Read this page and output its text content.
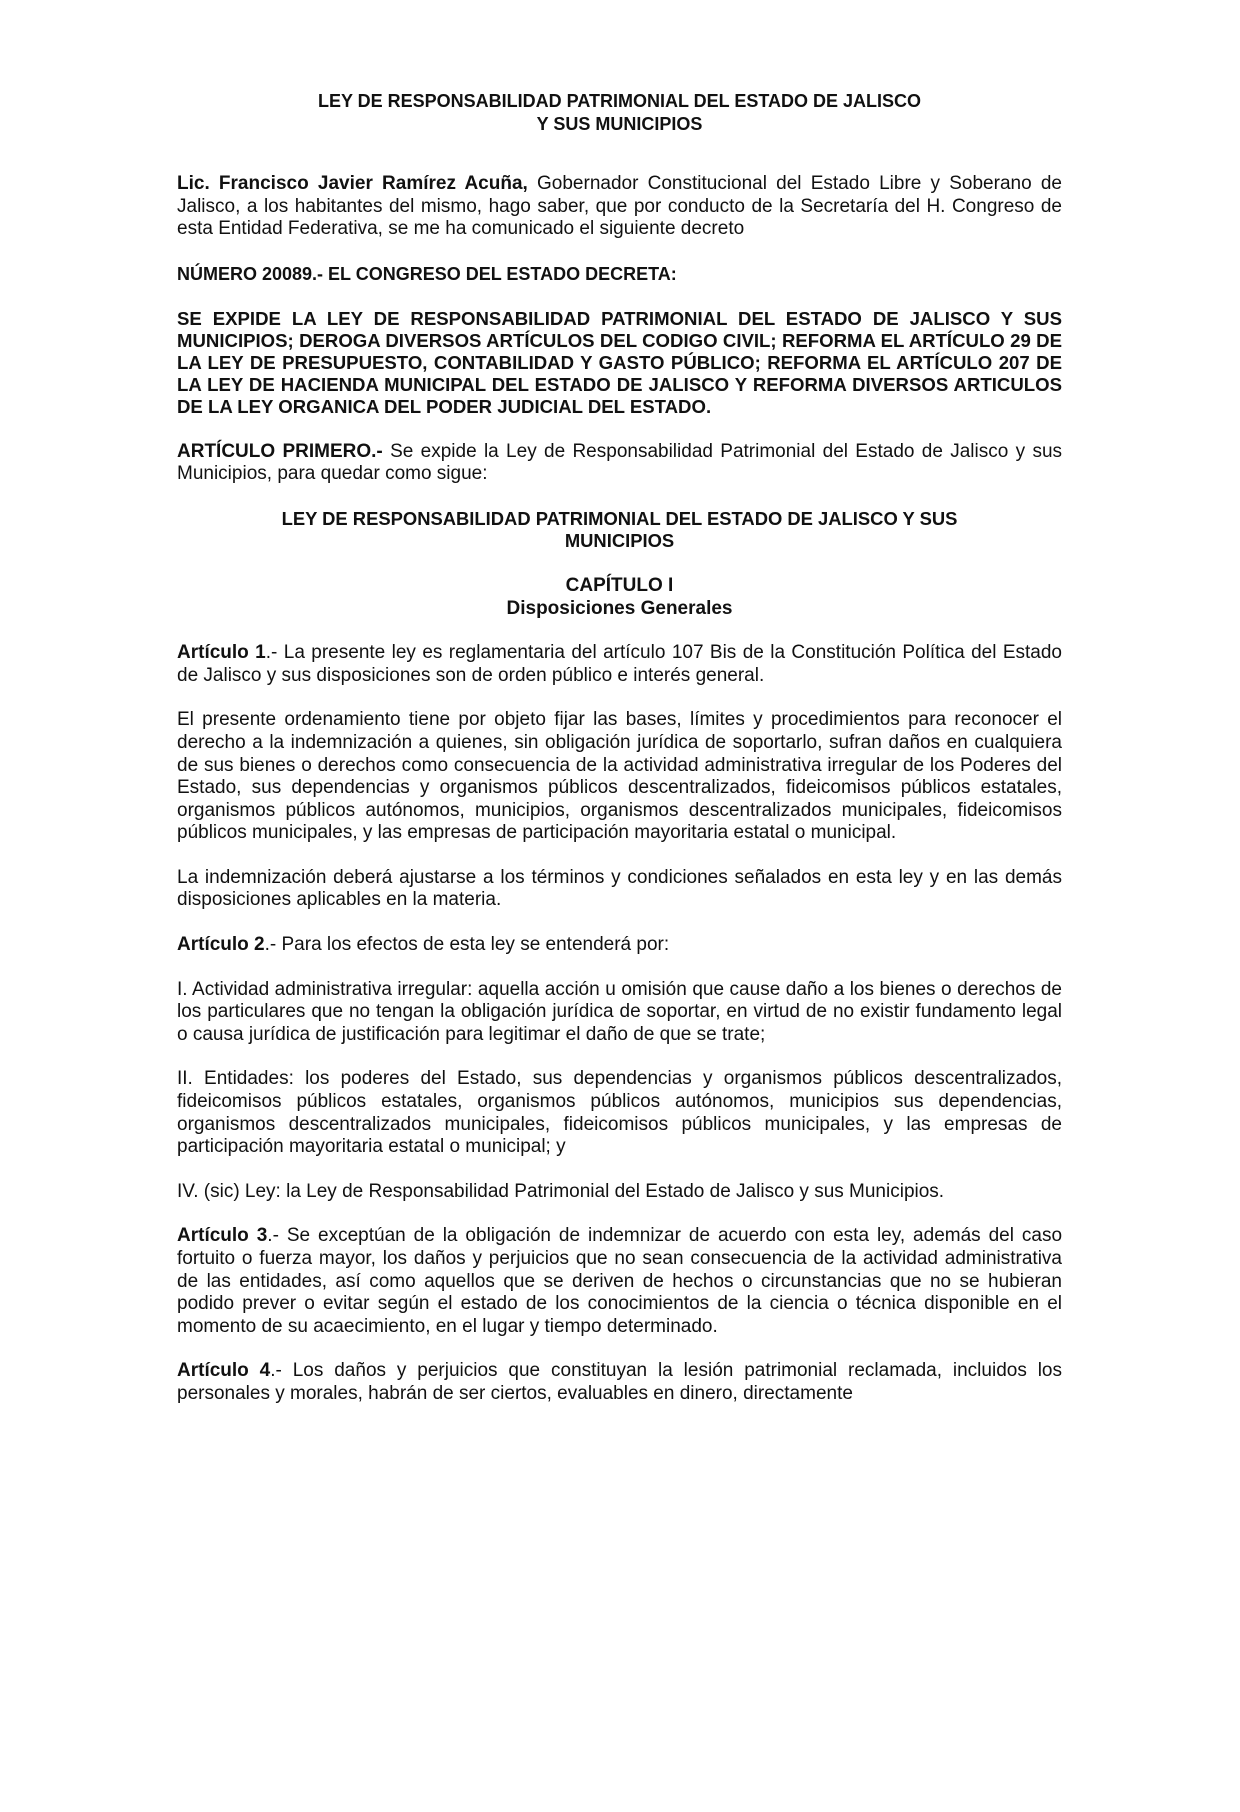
LEY DE RESPONSABILIDAD PATRIMONIAL DEL ESTADO DE JALISCO
Y SUS MUNICIPIOS

Lic. Francisco Javier Ramírez Acuña, Gobernador Constitucional del Estado Libre y Soberano de Jalisco, a los habitantes del mismo, hago saber, que por conducto de la Secretaría del H. Congreso de esta Entidad Federativa, se me ha comunicado el siguiente decreto

NÚMERO 20089.- EL CONGRESO DEL ESTADO DECRETA:
SE EXPIDE LA LEY DE RESPONSABILIDAD PATRIMONIAL DEL ESTADO DE JALISCO Y SUS MUNICIPIOS; DEROGA DIVERSOS ARTÍCULOS DEL CODIGO CIVIL; REFORMA EL ARTÍCULO 29 DE LA LEY DE PRESUPUESTO, CONTABILIDAD Y GASTO PÚBLICO; REFORMA EL ARTÍCULO 207 DE LA LEY DE HACIENDA MUNICIPAL DEL ESTADO DE JALISCO Y REFORMA DIVERSOS ARTICULOS DE LA LEY ORGANICA DEL PODER JUDICIAL DEL ESTADO.

ARTÍCULO PRIMERO.- Se expide la Ley de Responsabilidad Patrimonial del Estado de Jalisco y sus Municipios, para quedar como sigue:

LEY DE RESPONSABILIDAD PATRIMONIAL DEL ESTADO DE JALISCO Y SUS
MUNICIPIOS
CAPÍTULO I
Disposiciones Generales

Artículo 1.- La presente ley es reglamentaria del artículo 107 Bis de la Constitución Política del Estado de Jalisco y sus disposiciones son de orden público e interés general.

El presente ordenamiento tiene por objeto fijar las bases, límites y procedimientos para reconocer el derecho a la indemnización a quienes, sin obligación jurídica de soportarlo, sufran daños en cualquiera de sus bienes o derechos como consecuencia de la actividad administrativa irregular de los Poderes del Estado, sus dependencias y organismos públicos descentralizados, fideicomisos públicos estatales, organismos públicos autónomos, municipios, organismos descentralizados municipales, fideicomisos públicos municipales, y las empresas de participación mayoritaria estatal o municipal.

La indemnización deberá ajustarse a los términos y condiciones señalados en esta ley y en las demás disposiciones aplicables en la materia.

Artículo 2.- Para los efectos de esta ley se entenderá por:

I. Actividad administrativa irregular: aquella acción u omisión que cause daño a los bienes o derechos de los particulares que no tengan la obligación jurídica de soportar, en virtud de no existir fundamento legal o causa jurídica de justificación para legitimar el daño de que se trate;

II. Entidades: los poderes del Estado, sus dependencias y organismos públicos descentralizados, fideicomisos públicos estatales, organismos públicos autónomos, municipios sus dependencias, organismos descentralizados municipales, fideicomisos públicos municipales, y las empresas de participación mayoritaria estatal o municipal; y

IV. (sic) Ley: la Ley de Responsabilidad Patrimonial del Estado de Jalisco y sus Municipios.

Artículo 3.- Se exceptúan de la obligación de indemnizar de acuerdo con esta ley, además del caso fortuito o fuerza mayor, los daños y perjuicios que no sean consecuencia de la actividad administrativa de las entidades, así como aquellos que se deriven de hechos o circunstancias que no se hubieran podido prever o evitar según el estado de los conocimientos de la ciencia o técnica disponible en el momento de su acaecimiento, en el lugar y tiempo determinado.

Artículo 4.- Los daños y perjuicios que constituyan la lesión patrimonial reclamada, incluidos los personales y morales, habrán de ser ciertos, evaluables en dinero, directamente
